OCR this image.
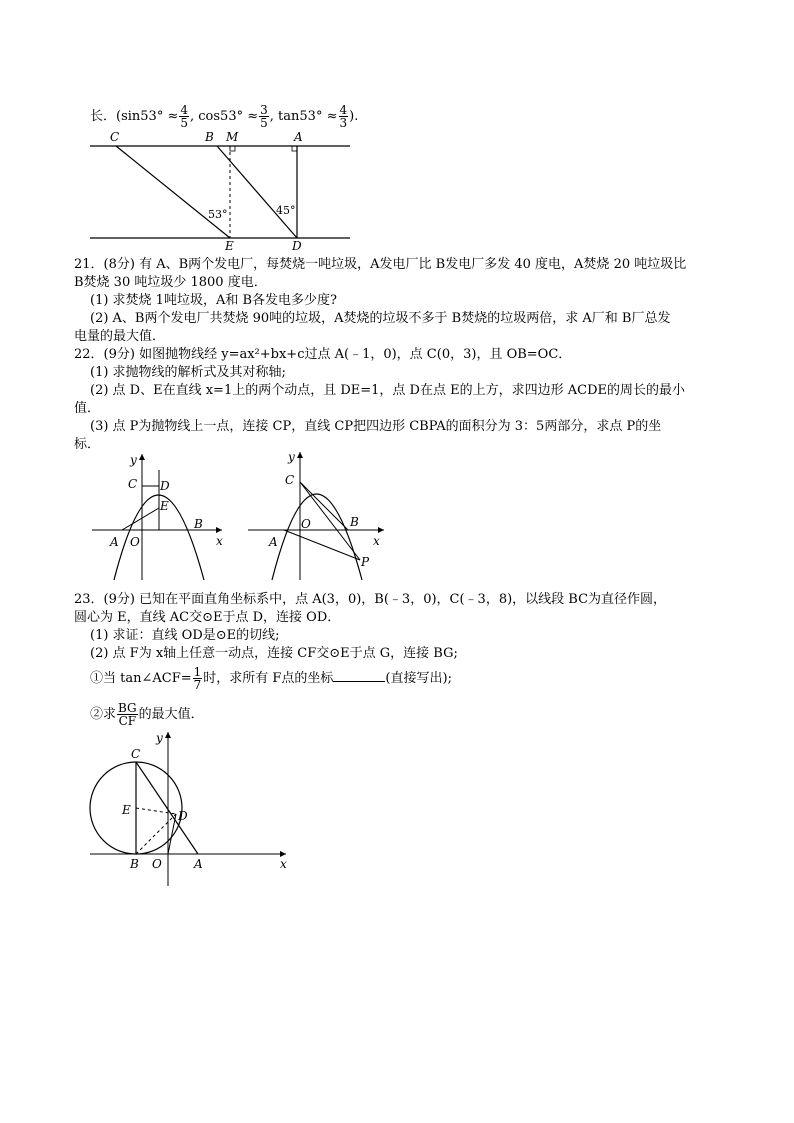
长．($\sin 53^\circ \approx \frac{4}{5}$ , $\cos 53^\circ \approx \frac{3}{5}$ , $\tan 53^\circ \approx \frac{4}{3}$ ).
C	B M	A
E	D
53°	45°
21．(8分) 有 A、B两个发电厂，每焚烧一吨垃圾，A发电厂比 B发电厂多发 40 度电，A焚烧 20 吨垃圾比
B焚烧 30 吨垃圾少 1800 度电．
(1) 求焚烧 1吨垃圾，A和 B各发电多少度?
(2) A、B两个发电厂共焚烧 90吨的垃圾，A焚烧的垃圾不多于 B焚烧的垃圾两倍，求 A厂和 B厂总发
电量的最大值．
22．(9分) 如图抛物线经 y=ax²+bx+c过点 A(﹣1，0)，点 C(0，3)，且 OB=OC．
(1) 求抛物线的解析式及其对称轴;
(2) 点 D、E在直线 x=1上的两个动点，且 DE=1，点 D在点 E的上方，求四边形 ACDE的周长的最小
值．
(3) 点 P为抛物线上一点，连接 CP，直线 CP把四边形 CBPA的面积分为 3：5两部分，求点 P的坐
标．
y
C D
E
B
A O	x
y
C
B
O
A
P
x
23．(9分) 已知在平面直角坐标系中，点 A(3，0)，B(﹣3，0)，C(﹣3，8)，以线段 BC为直径作圆，
圆心为 E，直线 AC交⊙E于点 D，连接 OD．
(1) 求证：直线 OD是⊙E的切线;
(2) 点 F为 x轴上任意一动点，连接 CF交⊙E于点 G，连接 BG;
①当 tan∠ACF= $\frac{1}{7}$ 时，求所有 F点的坐标	(直接写出);
②求 $\frac{BG}{CF}$ 的最大值．
C
E	D
B O	A
y
x
